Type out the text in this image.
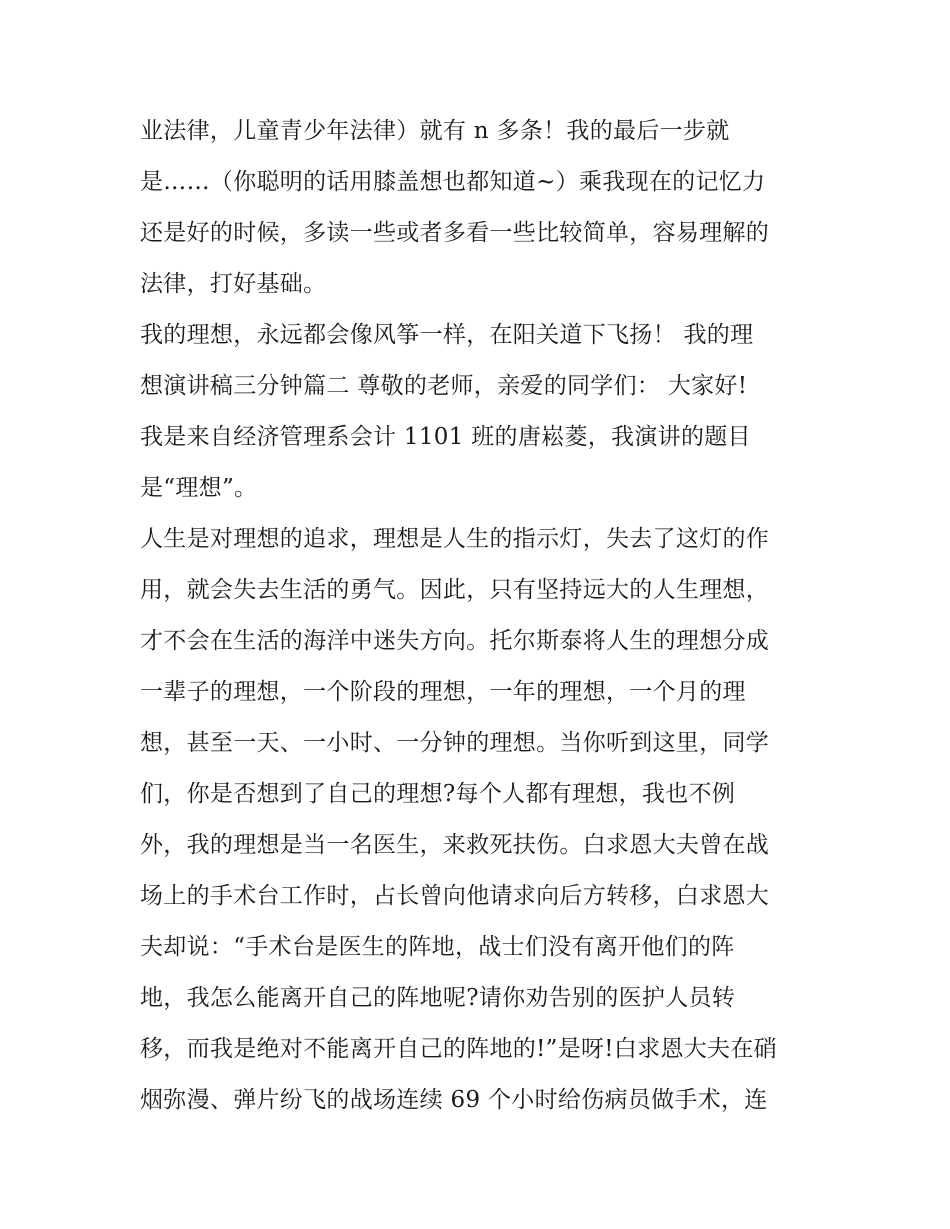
业法律，儿童青少年法律）就有 n 多条！我的最后一步就
是……（你聪明的话用膝盖想也都知道~）乘我现在的记忆力
还是好的时候，多读一些或者多看一些比较简单，容易理解的
法律，打好基础。
我的理想，永远都会像风筝一样，在阳关道下飞扬！ 我的理
想演讲稿三分钟篇二 尊敬的老师，亲爱的同学们： 大家好!
我是来自经济管理系会计 1101 班的唐崧菱，我演讲的题目
是“理想”。
人生是对理想的追求，理想是人生的指示灯，失去了这灯的作
用，就会失去生活的勇气。因此，只有坚持远大的人生理想，
才不会在生活的海洋中迷失方向。托尔斯泰将人生的理想分成
一辈子的理想，一个阶段的理想，一年的理想，一个月的理
想，甚至一天、一小时、一分钟的理想。当你听到这里，同学
们，你是否想到了自己的理想?每个人都有理想，我也不例
外，我的理想是当一名医生，来救死扶伤。白求恩大夫曾在战
场上的手术台工作时，占长曾向他请求向后方转移，白求恩大
夫却说：“手术台是医生的阵地，战士们没有离开他们的阵
地，我怎么能离开自己的阵地呢?请你劝告别的医护人员转
移，而我是绝对不能离开自己的阵地的!”是呀!白求恩大夫在硝
烟弥漫、弹片纷飞的战场连续 69 个小时给伤病员做手术，连
